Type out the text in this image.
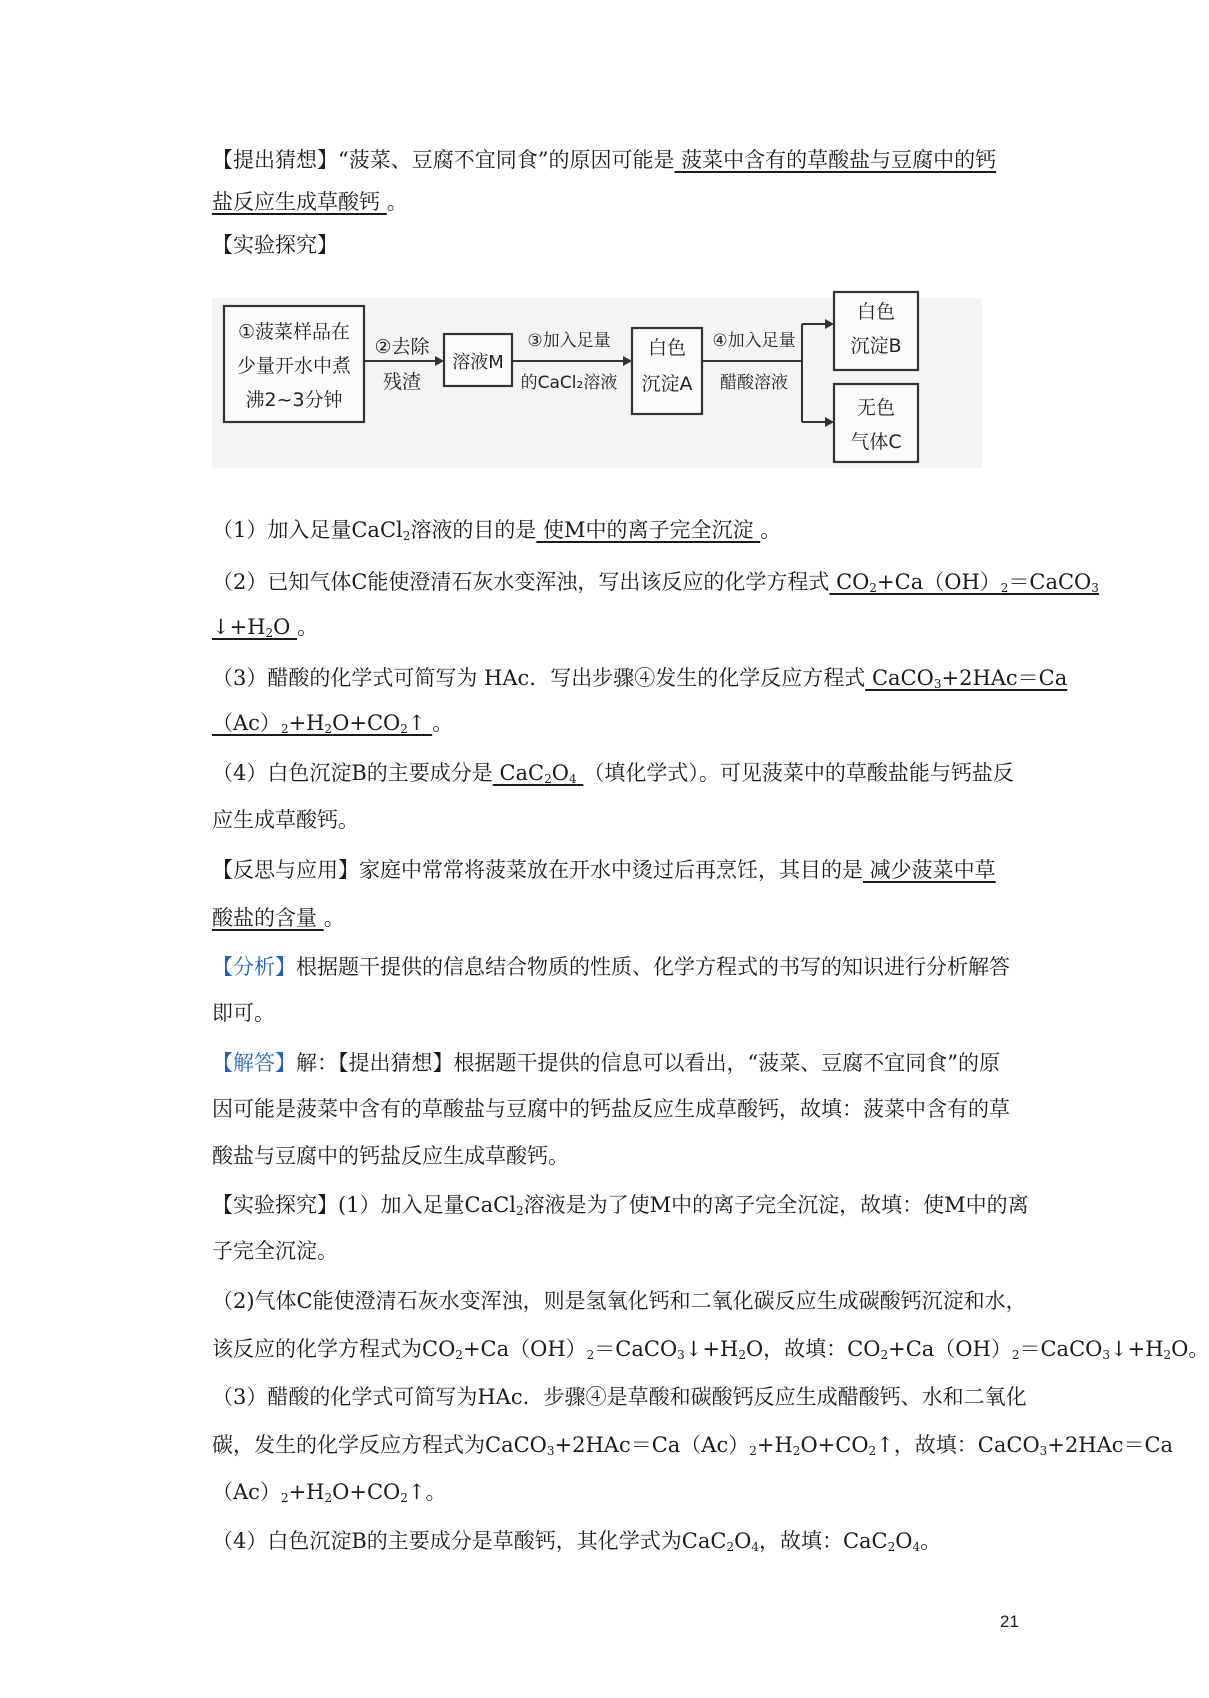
【提出猜想】“菠菜、豆腐不宜同食”的原因可能是 菠菜中含有的草酸盐与豆腐中的钙
盐反应生成草酸钙 。
【实验探究】
①菠菜样品在
少量开水中煮
沸2~3分钟
②去除
残渣
溶液M
③加入足量
的CaCl₂溶液
白色
沉淀A
④加入足量
醋酸溶液
白色
沉淀B
无色
气体C
（1）加入足量CaCl$_2$溶液的目的是 使M中的离子完全沉淀 。
（2）已知气体C能使澄清石灰水变浑浊，写出该反应的化学方程式 $CO_2+Ca(OH)_2=CaCO_3$
$↓+H_2O$ 。
（3）醋酸的化学式可简写为 HAc．写出步骤④发生的化学反应方程式 CaCO$_3$+2HAc＝Ca
$(Ac)_2+H_2O+CO_2↑$ 。
（4）白色沉淀B的主要成分是 $CaC_2O_4$ （填化学式）。可见菠菜中的草酸盐能与钙盐反
应生成草酸钙。
【反思与应用】家庭中常常将菠菜放在开水中烫过后再烹饪，其目的是 减少菠菜中草
酸盐的含量 。
【分析】根据题干提供的信息结合物质的性质、化学方程式的书写的知识进行分析解答
即可。
【解答】解：【提出猜想】根据题干提供的信息可以看出，“菠菜、豆腐不宜同食”的原
因可能是菠菜中含有的草酸盐与豆腐中的钙盐反应生成草酸钙，故填：菠菜中含有的草
酸盐与豆腐中的钙盐反应生成草酸钙。
【实验探究】(1）加入足量CaCl$_2$溶液是为了使M中的离子完全沉淀，故填：使M中的离
子完全沉淀。
（2)气体C能使澄清石灰水变浑浊，则是氢氧化钙和二氧化碳反应生成碳酸钙沉淀和水，
该反应的化学方程式为$CO_2+Ca(OH)_2=CaCO_3↓+H_2O$，故填：$CO_2+Ca(OH)_2=CaCO_3↓+H_2O$。
（3）醋酸的化学式可简写为HAc．步骤④是草酸和碳酸钙反应生成醋酸钙、水和二氧化
碳，发生的化学反应方程式为$CaCO_3+2HAc=Ca(Ac)_2+H_2O+CO_2↑$，故填：CaCO$_3$+2HAc＝Ca
$(Ac)_2+H_2O+CO_2↑$。
（4）白色沉淀B的主要成分是草酸钙，其化学式为$CaC_2O_4$，故填：$CaC_2O_4$。
21
